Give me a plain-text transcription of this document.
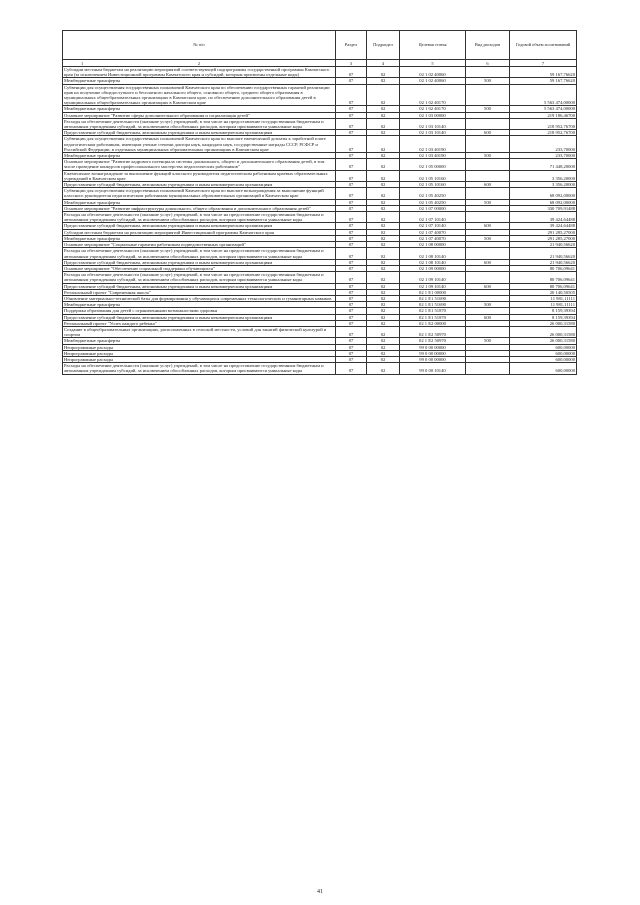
№ п/п	Раздел	Подраздел	Целевая статья	Вид расходов	Годовой объем ассигнований

1 2	3	4	5	6	7
Субсидии местным бюджетам на реализацию мероприятий соответствующей подпрограммы государственной программы Камчатского края (за исключением Инвестиционной программы Камчатского края и субсидий, которым присвоены отдельные коды)	07	02	02 1 02 40060		59 167,76620
Межбюджетные трансферты	07	02	02 1 02 40060	500	59 167,76620
Субвенции для осуществления государственных полномочий Камчатского края по обеспечению государственных гарантий реализации прав на получение общедоступного и бесплатного начального общего, основного общего, среднего общего образования в муниципальных общеобразовательных организациях в Камчатском крае, по обеспечению дополнительного образования детей в муниципальных общеобразовательных организациях в Камчатском крае	07	02	02 1 02 40170		5 563 474,00000
Межбюджетные трансферты	07	02	02 1 02 40170	500	5 563 474,00000
Основное мероприятие "Развитие сферы дополнительного образования и социализация детей"	07	02	02 1 03 00000		219 186,46700
Расходы на обеспечение деятельности (оказание услуг) учреждений, в том числе на предоставление государственным бюджетным и автономным учреждениям субсидий, за исключением обособленных расходов, которым присваиваются уникальные коды	07	02	02 1 03 10140		218 952,76700
Предоставление субсидий бюджетным, автономным учреждениям и иным некоммерческим организациям	07	02	02 1 03 10140	600	218 952,76700
Субвенции для осуществления государственных полномочий Камчатского края по выплате ежемесячной доплаты к заработной плате педагогическим работникам, имеющим ученые степени доктора наук, кандидата наук, государственные награды СССР, РСФСР и Российской Федерации, в отдельных муниципальных образовательных организациях в Камчатском крае	07	02	02 1 03 40190		233,70000
Межбюджетные трансферты	07	02	02 1 03 40190	500	233,70000
Основное мероприятие "Развитие кадрового потенциала системы дошкольного, общего и дополнительного образования детей, в том числе проведение конкурсов профессионального мастерства педагогических работников"	07	02	02 1 05 00000		71 448,20000
Ежемесячное вознаграждение за выполнение функций классного руководителя педагогическим работникам краевых образовательных учреждений в Камчатском крае	07	02	02 1 05 10160		3 356,20000
Предоставление субсидий бюджетным, автономным учреждениям и иным некоммерческим организациям	07	02	02 1 05 10160	600	3 356,20000
Субвенции для осуществления государственных полномочий Камчатского края по выплате вознаграждения за выполнение функций классного руководителя педагогическим работникам муниципальных образовательных организаций в Камчатском крае	07	02	02 1 05 40250		68 092,00000
Межбюджетные трансферты	07	02	02 1 05 40250	500	68 092,00000
Основное мероприятие "Развитие инфраструктуры дошкольного, общего образования и дополнительного образования детей"	07	02	02 1 07 00000		330 709,91488
Расходы на обеспечение деятельности (оказание услуг) учреждений, в том числе на предоставление государственным бюджетным и автономным учреждениям субсидий, за исключением обособленных расходов, которым присваиваются уникальные коды	07	02	02 1 07 10140		39 424,64488
Предоставление субсидий бюджетным, автономным учреждениям и иным некоммерческим организациям	07	02	02 1 07 10140	600	39 424,64488
Субсидии местным бюджетам на реализацию мероприятий Инвестиционной программы Камчатского края	07	02	02 1 07 40070		291 285,27000
Межбюджетные трансферты	07	02	02 1 07 40070	500	291 285,27000
Основное мероприятие "Социальные гарантии работникам подведомственных организаций"	07	02	02 1 08 00000		21 940,56620
Расходы на обеспечение деятельности (оказание услуг) учреждений, в том числе на предоставление государственным бюджетным и автономным учреждениям субсидий, за исключением обособленных расходов, которым присваиваются уникальные коды	07	02	02 1 08 10140		21 940,56620
Предоставление субсидий бюджетным, автономным учреждениям и иным некоммерческим организациям	07	02	02 1 08 10140	600	21 940,56620
Основное мероприятие "Обеспечение социальной поддержки обучающихся"	07	02	02 1 09 00000		80 706,09641
Расходы на обеспечение деятельности (оказание услуг) учреждений, в том числе на предоставление государственным бюджетным и автономным учреждениям субсидий, за исключением обособленных расходов, которым присваиваются уникальные коды	07	02	02 1 09 10140		80 706,09641
Предоставление субсидий бюджетным, автономным учреждениям и иным некоммерческим организациям	07	02	02 1 09 10140	600	80 706,09641
Региональный проект "Современная школа"	07	02	02 1 E1 00000		20 140,50505
Обновление материально-технической базы для формирования у обучающихся современных технологических и гуманитарных навыков	07	02	02 1 E1 51690		11 981,11111
Межбюджетные трансферты	07	02	02 1 E1 51690	500	11 981,11111
Поддержка образования для детей с ограниченными возможностями здоровья	07	02	02 1 E1 51870		8 159,39394
Предоставление субсидий бюджетным, автономным учреждениям и иным некоммерческим организациям	07	02	02 1 E1 51870	600	8 159,39394
Региональный проект "Успех каждого ребенка"	07	02	02 1 E2 00000		26 000,31580
Создание в общеобразовательных организациях, расположенных в сельской местности, условий для занятий физической культурой и спортом	07	02	02 1 E2 50970		26 000,31580
Межбюджетные трансферты	07	02	02 1 E2 50970	500	26 000,31580
Непрограммные расходы	07	02	99 0 00 00000		600,00000
Непрограммные расходы	07	02	99 0 00 00000		600,00000
Непрограммные расходы	07	02	99 0 00 00000		600,00000
Расходы на обеспечение деятельности (оказание услуг) учреждений, в том числе на предоставление государственным бюджетным и автономным учреждениям субсидий, за исключением обособленных расходов, которым присваиваются уникальные коды	07	02	99 0 00 10140		600,00000
41
